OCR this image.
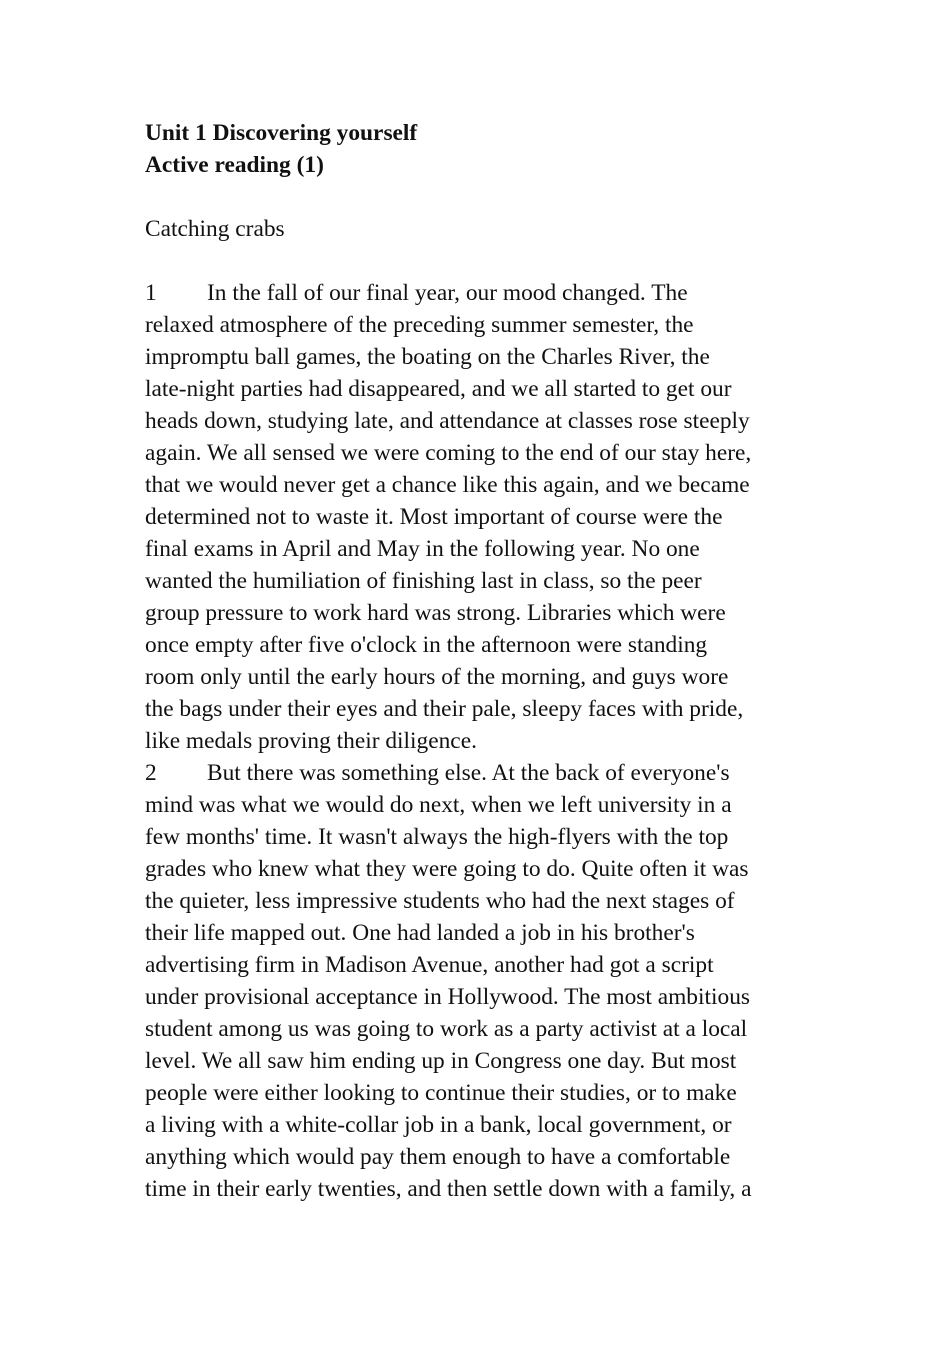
Unit 1 Discovering yourself

Active reading (1)

Catching crabs

1 In the fall of our final year, our mood changed. The
relaxed atmosphere of the preceding summer semester, the
impromptu ball games, the boating on the Charles River, the
late-night parties had disappeared, and we all started to get our
heads down, studying late, and attendance at classes rose steeply
again. We all sensed we were coming to the end of our stay here,
that we would never get a chance like this again, and we became
determined not to waste it. Most important of course were the
final exams in April and May in the following year. No one
wanted the humiliation of finishing last in class, so the peer
group pressure to work hard was strong. Libraries which were
once empty after five o'clock in the afternoon were standing
room only until the early hours of the morning, and guys wore
the bags under their eyes and their pale, sleepy faces with pride,
like medals proving their diligence.
2 But there was something else. At the back of everyone's
mind was what we would do next, when we left university in a
few months' time. It wasn't always the high-flyers with the top
grades who knew what they were going to do. Quite often it was
the quieter, less impressive students who had the next stages of
their life mapped out. One had landed a job in his brother's
advertising firm in Madison Avenue, another had got a script
under provisional acceptance in Hollywood. The most ambitious
student among us was going to work as a party activist at a local
level. We all saw him ending up in Congress one day. But most
people were either looking to continue their studies, or to make
a living with a white-collar job in a bank, local government, or
anything which would pay them enough to have a comfortable
time in their early twenties, and then settle down with a family, a
